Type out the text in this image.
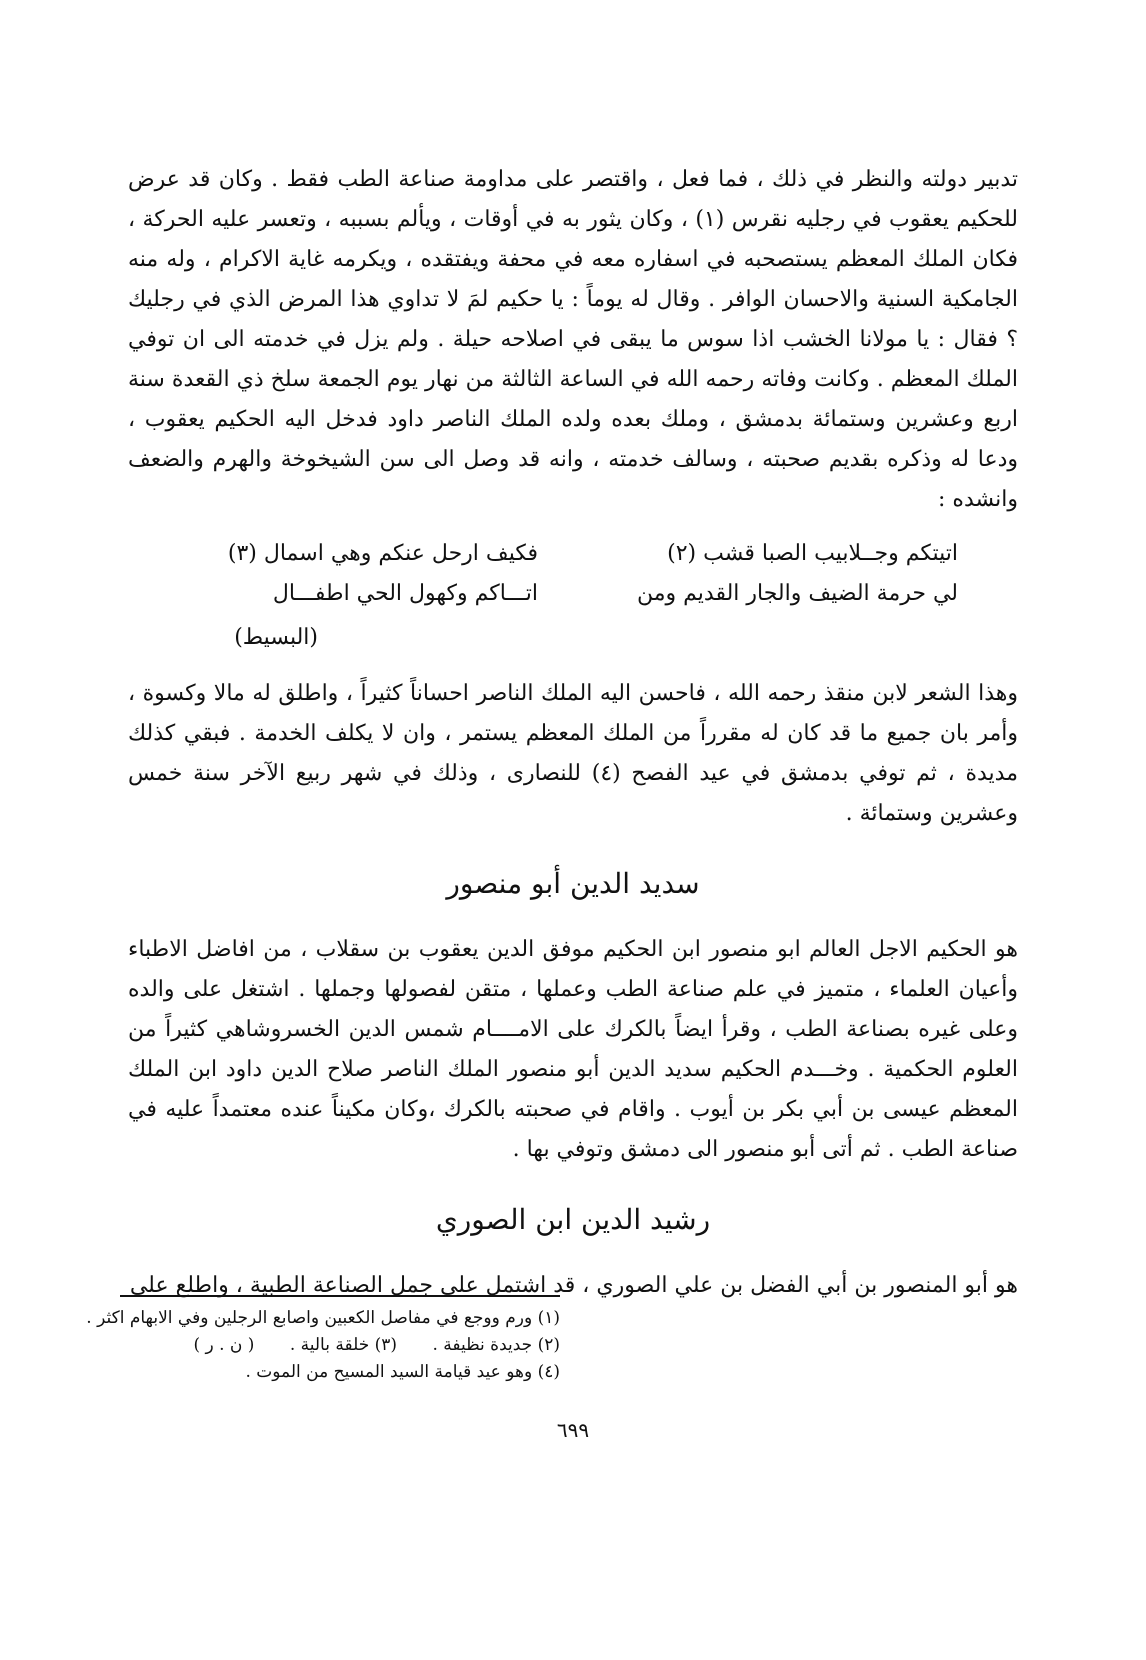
تدبير دولته والنظر في ذلك ، فما فعل ، واقتصر على مداومة صناعة الطب فقط . وكان قد عرض للحكيم يعقوب في رجليه نقرس (١) ، وكان يثور به في أوقات ، ويألم بسببه ، وتعسر عليه الحركة ، فكان الملك المعظم يستصحبه في اسفاره معه في محفة ويفتقده ، ويكرمه غاية الاكرام ، وله منه الجامكية السنية والاحسان الوافر . وقال له يوماً : يا حكيم لمَ لا تداوي هذا المرض الذي في رجليك ؟ فقال : يا مولانا الخشب اذا سوس ما يبقى في اصلاحه حيلة . ولم يزل في خدمته الى ان توفي الملك المعظم . وكانت وفاته رحمه الله في الساعة الثالثة من نهار يوم الجمعة سلخ ذي القعدة سنة اربع وعشرين وستمائة بدمشق ، وملك بعده ولده الملك الناصر داود فدخل اليه الحكيم يعقوب ، ودعا له وذكره بقديم صحبته ، وسالف خدمته ، وانه قد وصل الى سن الشيخوخة والهرم والضعف وانشده :

اتيتكم وجــلابيب الصبا قشب (٢)
فكيف ارحل عنكم وهي اسمال (٣)
لي حرمة الضيف والجار القديم ومن
اتـــاكم وكهول الحي اطفـــال
(البسيط)

وهذا الشعر لابن منقذ رحمه الله ، فاحسن اليه الملك الناصر احساناً كثيراً ، واطلق له مالا وكسوة ، وأمر بان جميع ما قد كان له مقرراً من الملك المعظم يستمر ، وان لا يكلف الخدمة . فبقي كذلك مديدة ، ثم توفي بدمشق في عيد الفصح (٤) للنصارى ، وذلك في شهر ربيع الآخر سنة خمس وعشرين وستمائة .

سديد الدين أبو منصور

هو الحكيم الاجل العالم ابو منصور ابن الحكيم موفق الدين يعقوب بن سقلاب ، من افاضل الاطباء وأعيان العلماء ، متميز في علم صناعة الطب وعملها ، متقن لفصولها وجملها . اشتغل على والده وعلى غيره بصناعة الطب ، وقرأ ايضاً بالكرك على الامــــام شمس الدين الخسروشاهي كثيراً من العلوم الحكمية . وخـــدم الحكيم سديد الدين أبو منصور الملك الناصر صلاح الدين داود ابن الملك المعظم عيسى بن أبي بكر بن أيوب . واقام في صحبته بالكرك ،وكان مكيناً عنده معتمداً عليه في صناعة الطب . ثم أتى أبو منصور الى دمشق وتوفي بها .

رشيد الدين ابن الصوري

هو أبو المنصور بن أبي الفضل بن علي الصوري ، قد اشتمل على جمل الصناعة الطبية ، واطلع على

(١) ورم ووجع في مفاصل الكعبين واصابع الرجلين وفي الابهام اكثر .

(٢) جديدة نظيفة . (٣) خلقة بالية . ( ن . ر )

(٤) وهو عيد قيامة السيد المسيح من الموت .

٦٩٩
